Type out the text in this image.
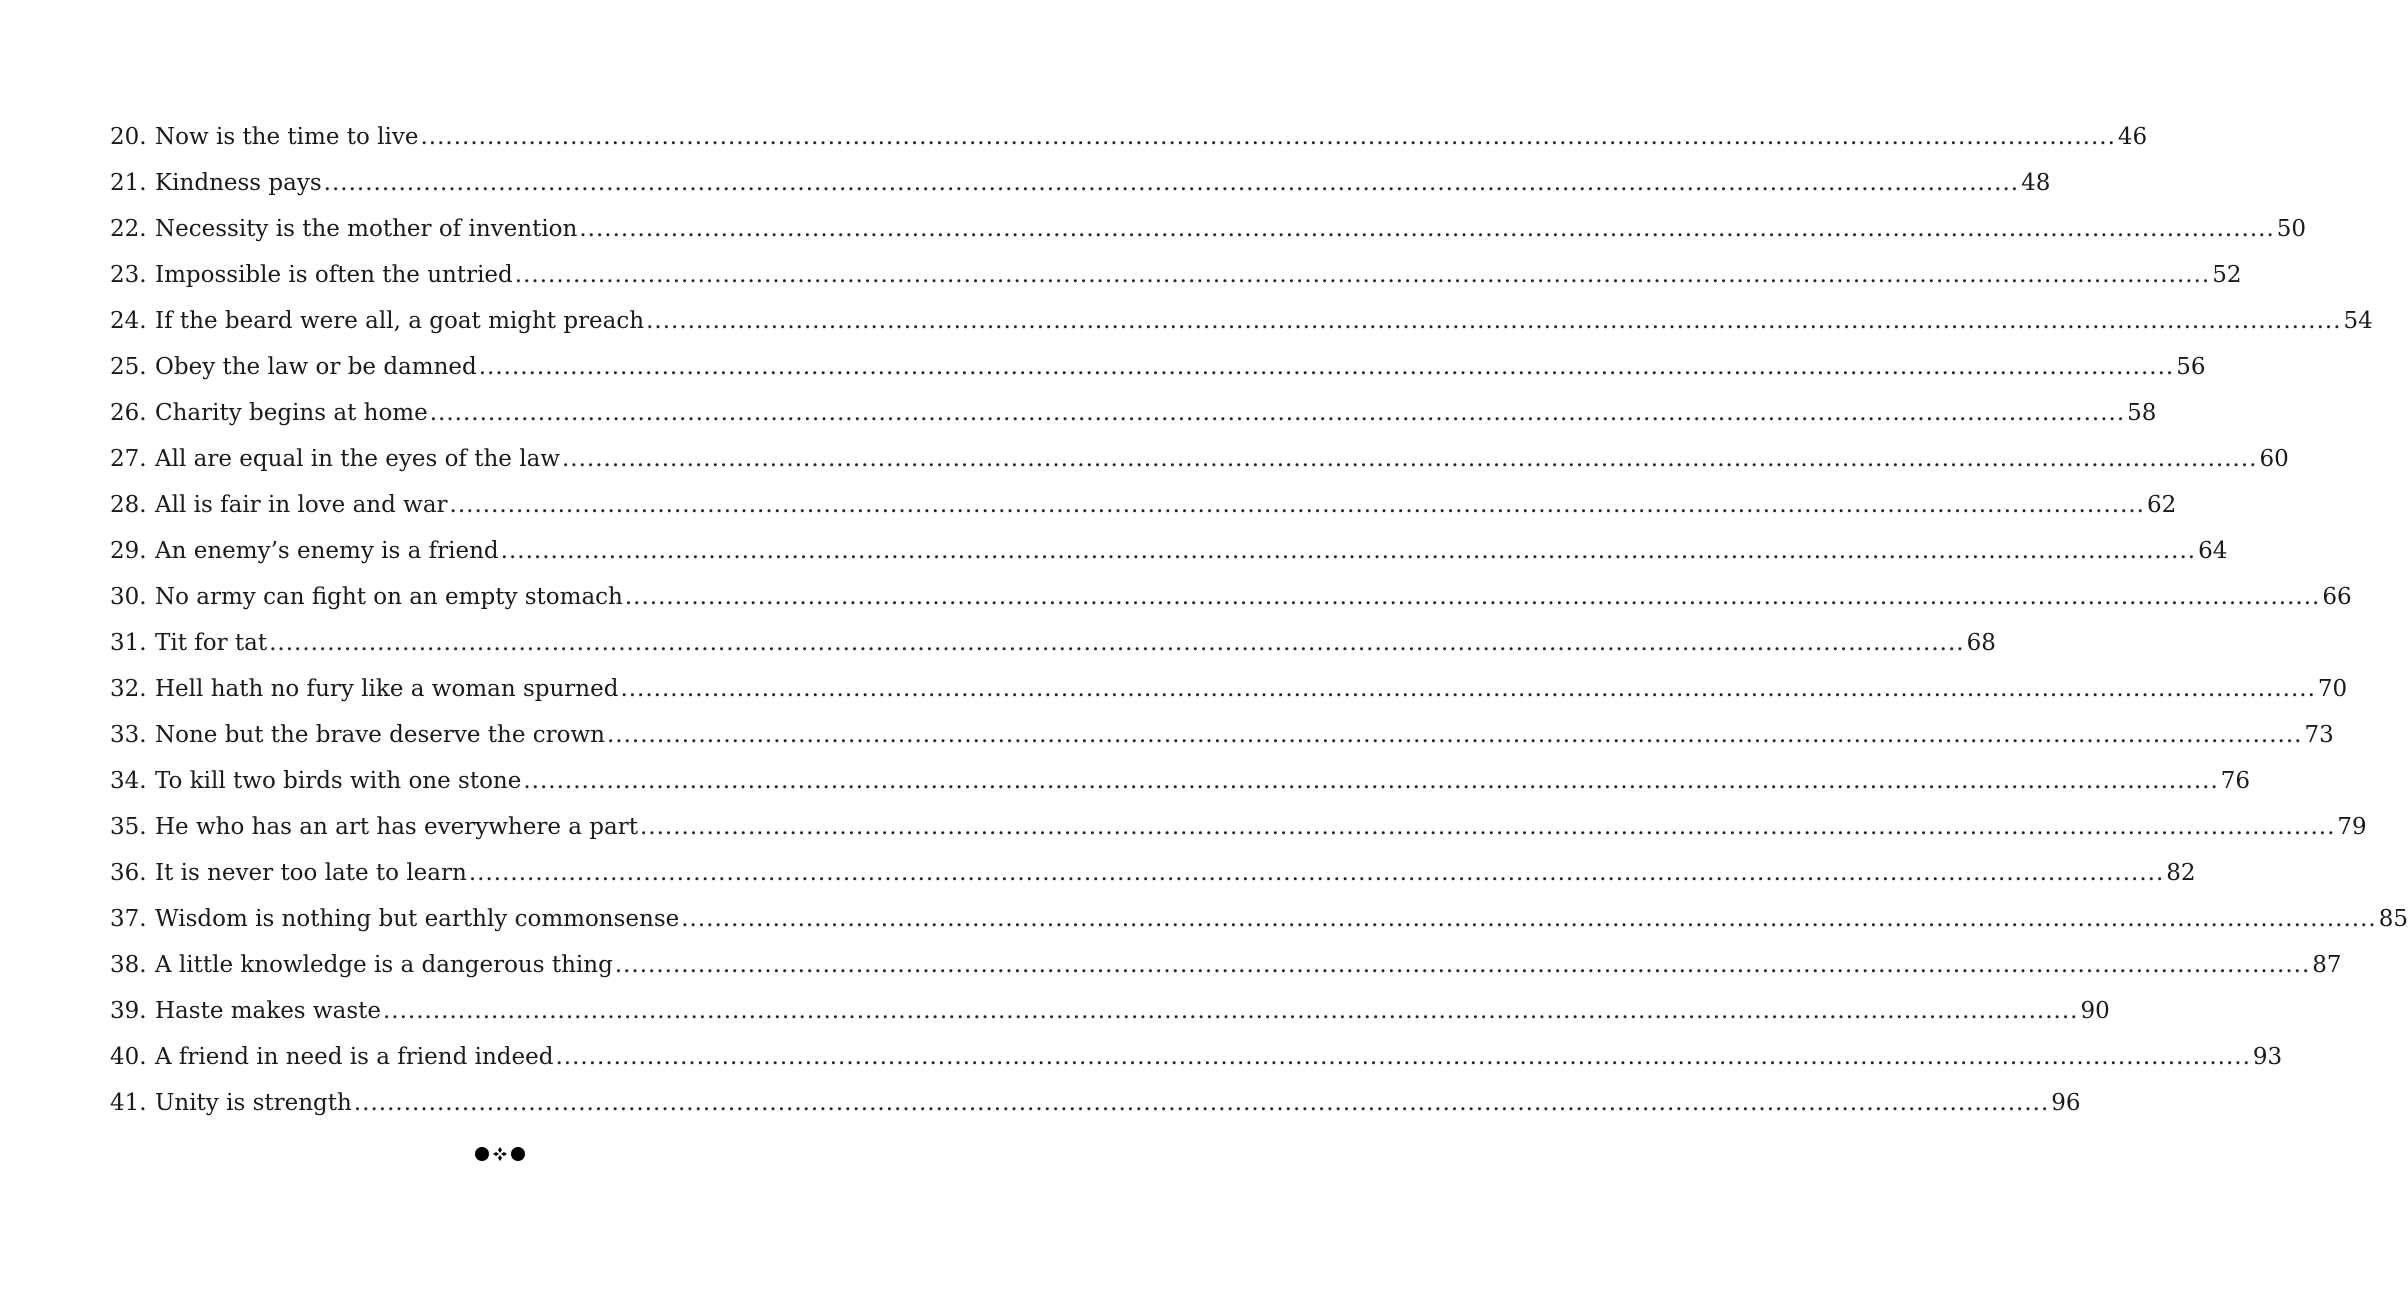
20. Now is the time to live .....	46
21. Kindness pays .....	48
22. Necessity is the mother of invention .....	50
23. Impossible is often the untried .....	52
24. If the beard were all, a goat might preach .....	54
25. Obey the law or be damned .....	56
26. Charity begins at home .....	58
27. All are equal in the eyes of the law .....	60
28. All is fair in love and war .....	62
29. An enemy’s enemy is a friend .....	64
30. No army can fight on an empty stomach .....	66
31. Tit for tat .....	68
32. Hell hath no fury like a woman spurned .....	70
33. None but the brave deserve the crown .....	73
34. To kill two birds with one stone .....	76
35. He who has an art has everywhere a part .....	79
36. It is never too late to learn .....	82
37. Wisdom is nothing but earthly commonsense .....	85
38. A little knowledge is a dangerous thing .....	87
39. Haste makes waste .....	90
40. A friend in need is a friend indeed .....	93
41. Unity is strength .....	96
